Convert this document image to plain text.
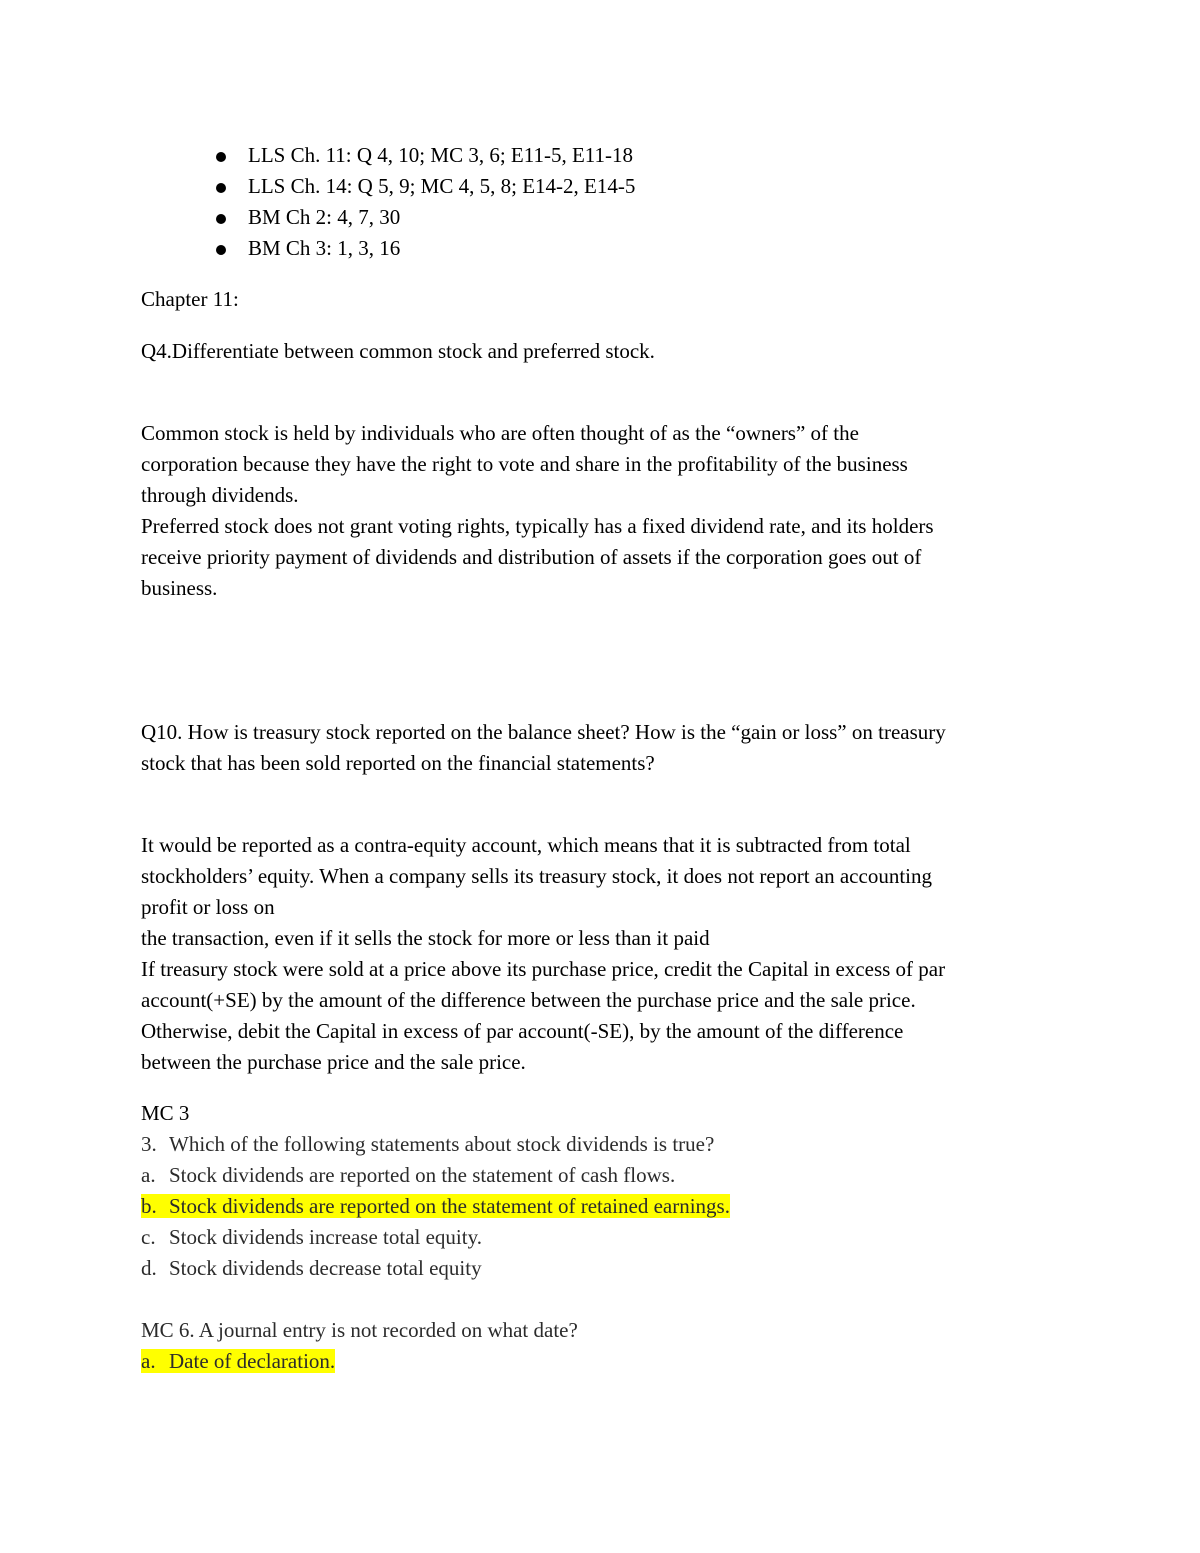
LLS Ch. 11: Q 4, 10; MC 3, 6; E11-5, E11-18
LLS Ch. 14: Q 5, 9; MC 4, 5, 8; E14-2, E14-5
BM Ch 2: 4, 7, 30
BM Ch 3: 1, 3, 16

Chapter 11:

Q4.Differentiate between common stock and preferred stock.

Common stock is held by individuals who are often thought of as the “owners” of the
corporation because they have the right to vote and share in the profitability of the business
through dividends.
Preferred stock does not grant voting rights, typically has a fixed dividend rate, and its holders
receive priority payment of dividends and distribution of assets if the corporation goes out of
business.
Q10. How is treasury stock reported on the balance sheet? How is the “gain or loss” on treasury
stock that has been sold reported on the financial statements?
It would be reported as a contra-equity account, which means that it is subtracted from total
stockholders’ equity. When a company sells its treasury stock, it does not report an accounting
profit or loss on
the transaction, even if it sells the stock for more or less than it paid
If treasury stock were sold at a price above its purchase price, credit the Capital in excess of par
account(+SE) by the amount of the difference between the purchase price and the sale price.
Otherwise, debit the Capital in excess of par account(-SE), by the amount of the difference
between the purchase price and the sale price.
MC 3
3. Which of the following statements about stock dividends is true?
a. Stock dividends are reported on the statement of cash flows.
b. Stock dividends are reported on the statement of retained earnings.
c. Stock dividends increase total equity.
d. Stock dividends decrease total equity
MC 6. A journal entry is not recorded on what date?
a. Date of declaration.
